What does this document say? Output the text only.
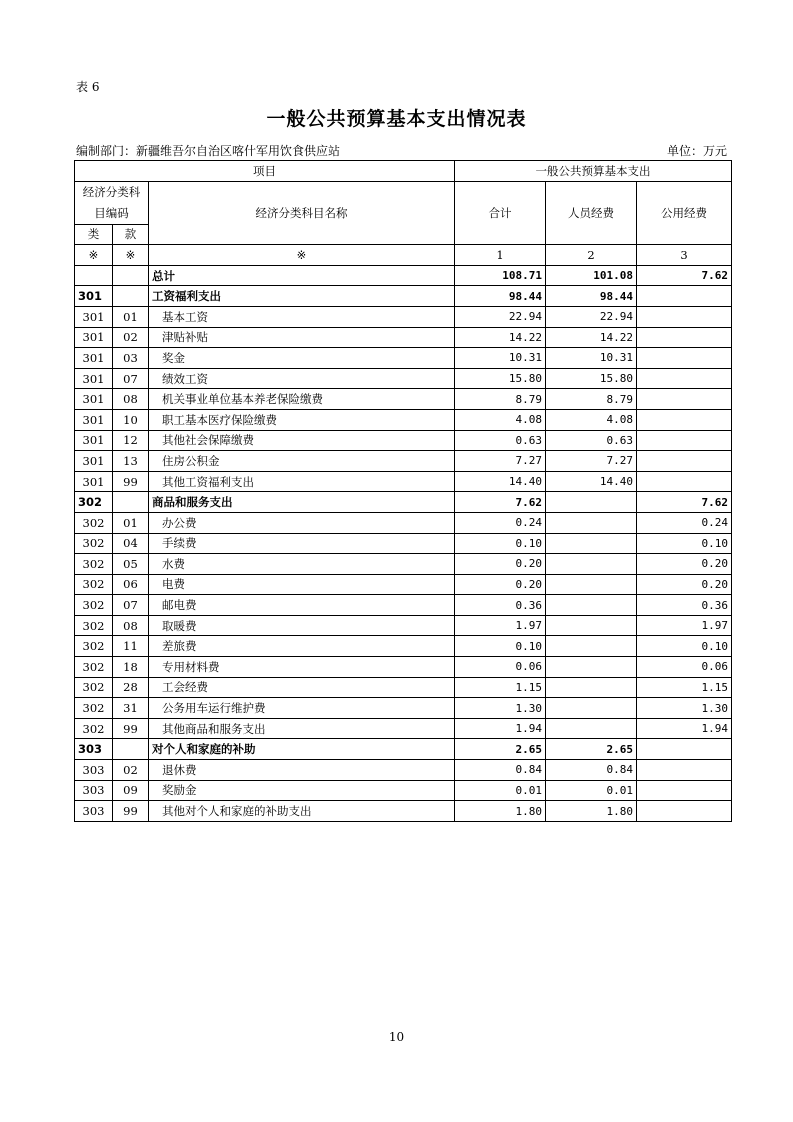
表 6
一般公共预算基本支出情况表
编制部门：新疆维吾尔自治区喀什军用饮食供应站	单位：万元
项目			一般公共预算基本支出		
经济分类科目编码		经济分类科目名称	合计	人员经费	公用经费
类	款				
※	※	※	1	2	3
		总计	108.71	101.08	7.62
301		工资福利支出	98.44	98.44	
301	01	基本工资	22.94	22.94	
301	02	津贴补贴	14.22	14.22	
301	03	奖金	10.31	10.31	
301	07	绩效工资	15.80	15.80	
301	08	机关事业单位基本养老保险缴费	8.79	8.79	
301	10	职工基本医疗保险缴费	4.08	4.08	
301	12	其他社会保障缴费	0.63	0.63	
301	13	住房公积金	7.27	7.27	
301	99	其他工资福利支出	14.40	14.40	
302		商品和服务支出	7.62		7.62
302	01	办公费	0.24		0.24
302	04	手续费	0.10		0.10
302	05	水费	0.20		0.20
302	06	电费	0.20		0.20
302	07	邮电费	0.36		0.36
302	08	取暖费	1.97		1.97
302	11	差旅费	0.10		0.10
302	18	专用材料费	0.06		0.06
302	28	工会经费	1.15		1.15
302	31	公务用车运行维护费	1.30		1.30
302	99	其他商品和服务支出	1.94		1.94
303		对个人和家庭的补助	2.65	2.65	
303	02	退休费	0.84	0.84	
303	09	奖励金	0.01	0.01	
303	99	其他对个人和家庭的补助支出	1.80	1.80	
10
